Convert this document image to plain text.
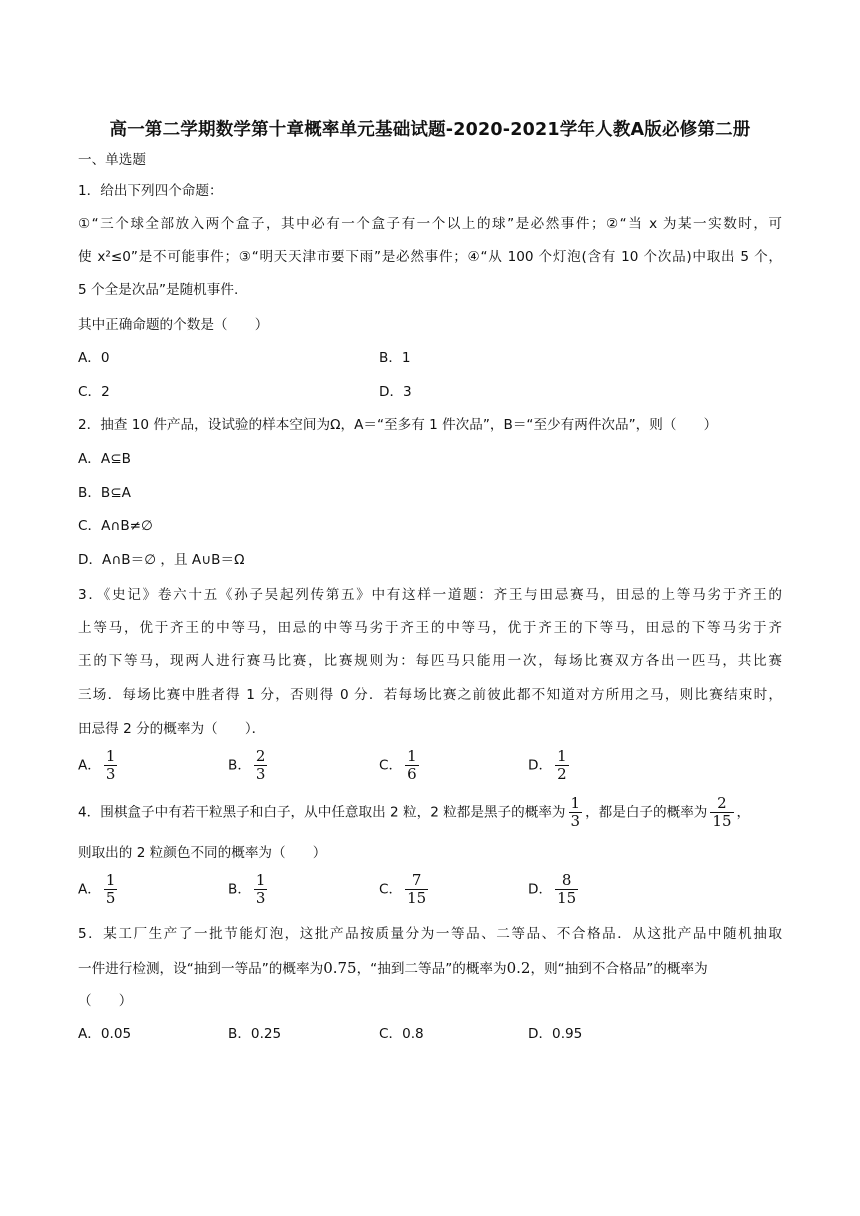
高一第二学期数学第十章概率单元基础试题-2020-2021学年人教A版必修第二册
一、单选题
1．给出下列四个命题：
①“三个球全部放入两个盒子，其中必有一个盒子有一个以上的球”是必然事件；②“当 x 为某一实数时，可
使 x²≤0”是不可能事件；③“明天天津市要下雨”是必然事件；④“从 100 个灯泡(含有 10 个次品)中取出 5 个，
5 个全是次品”是随机事件.
其中正确命题的个数是（　　）
A．0	B．1
C．2	D．3
2．抽查 10 件产品，设试验的样本空间为Ω，A＝“至多有 1 件次品”，B＝“至少有两件次品”，则（　　）
A．A⊆B
B．B⊆A
C．A∩B≠∅
D．A∩B＝∅ ，且 A∪B＝Ω
3．《史记》卷六十五《孙子吴起列传第五》中有这样一道题：齐王与田忌赛马，田忌的上等马劣于齐王的
上等马，优于齐王的中等马，田忌的中等马劣于齐王的中等马，优于齐王的下等马，田忌的下等马劣于齐
王的下等马，现两人进行赛马比赛，比赛规则为：每匹马只能用一次，每场比赛双方各出一匹马，共比赛
三场．每场比赛中胜者得 1 分，否则得 0 分．若每场比赛之前彼此都不知道对方所用之马，则比赛结束时，
田忌得 2 分的概率为（　　）．
A． $\frac{1}{3}$	B． $\frac{2}{3}$	C． $\frac{1}{6}$	D． $\frac{1}{2}$
4．围棋盒子中有若干粒黑子和白子，从中任意取出 2 粒，2 粒都是黑子的概率为 $\frac{1}{3}$ ，都是白子的概率为 $\frac{2}{15}$ ，
则取出的 2 粒颜色不同的概率为（　　）
A． $\frac{1}{5}$	B． $\frac{1}{3}$	C． $\frac{7}{15}$	D． $\frac{8}{15}$
5．某工厂生产了一批节能灯泡，这批产品按质量分为一等品、二等品、不合格品．从这批产品中随机抽取
一件进行检测，设“抽到一等品”的概率为0.75，“抽到二等品”的概率为0.2，则“抽到不合格品”的概率为
（　　）
A．0.05	B．0.25	C．0.8	D．0.95
